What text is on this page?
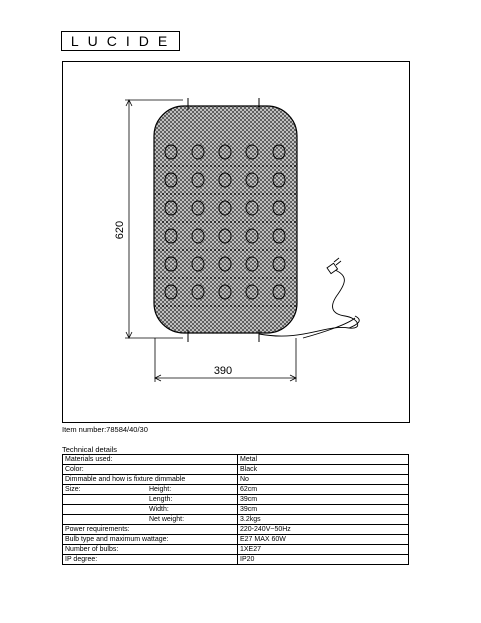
LUCIDE
620
390
Item number:78584/40/30
Technical details
Materials used:	Metal
Color:	Black
Dimmable and how is fixture dimmable	No
Size: Height:	62cm
Length:	39cm
Width:	39cm
Net weight:	3.2kgs
Power requirements:	220-240V~50Hz
Bulb type and maximum wattage:	E27 MAX 60W
Number of bulbs:	1XE27
IP degree:	IP20
